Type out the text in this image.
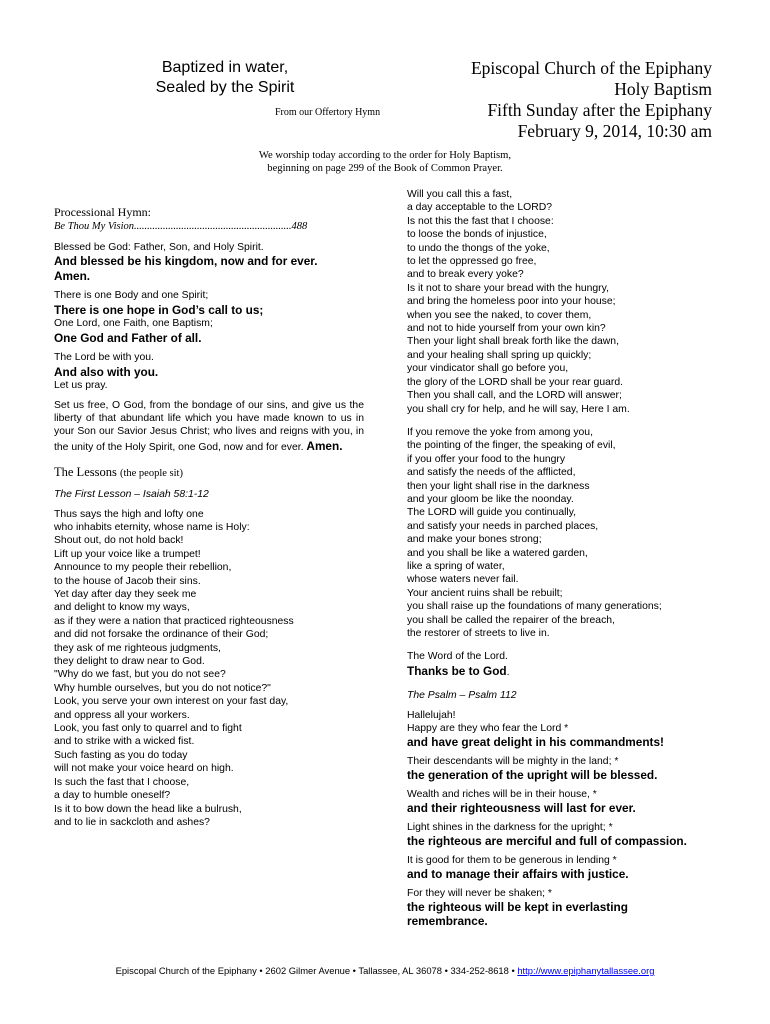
Baptized in water,
Sealed by the Spirit
From our Offertory Hymn
Episcopal Church of the Epiphany
Holy Baptism
Fifth Sunday after the Epiphany
February 9, 2014, 10:30 am
We worship today according to the order for Holy Baptism,
beginning on page 299 of the Book of Common Prayer.
Processional Hymn:
Be Thou My Vision............................................................488
Blessed be God: Father, Son, and Holy Spirit.
And blessed be his kingdom, now and for ever.
Amen.
There is one Body and one Spirit;
There is one hope in God’s call to us;
One Lord, one Faith, one Baptism;
One God and Father of all.
The Lord be with you.
And also with you.
Let us pray.

Set us free, O God, from the bondage of our sins, and give us the liberty of that abundant life which you have made known to us in your Son our Savior Jesus Christ; who lives and reigns with you, in the unity of the Holy Spirit, one God, now and for ever. Amen.

The Lessons (the people sit)
The First Lesson – Isaiah 58:1-12
Thus says the high and lofty one
who inhabits eternity, whose name is Holy:
Shout out, do not hold back!
Lift up your voice like a trumpet!
Announce to my people their rebellion,
to the house of Jacob their sins.
Yet day after day they seek me
and delight to know my ways,
as if they were a nation that practiced righteousness
and did not forsake the ordinance of their God;
they ask of me righteous judgments,
they delight to draw near to God.
"Why do we fast, but you do not see?
Why humble ourselves, but you do not notice?"
Look, you serve your own interest on your fast day,
and oppress all your workers.
Look, you fast only to quarrel and to fight
and to strike with a wicked fist.
Such fasting as you do today
will not make your voice heard on high.
Is such the fast that I choose,
a day to humble oneself?
Is it to bow down the head like a bulrush,
and to lie in sackcloth and ashes?
Will you call this a fast,
a day acceptable to the LORD?
Is not this the fast that I choose:
to loose the bonds of injustice,
to undo the thongs of the yoke,
to let the oppressed go free,
and to break every yoke?
Is it not to share your bread with the hungry,
and bring the homeless poor into your house;
when you see the naked, to cover them,
and not to hide yourself from your own kin?
Then your light shall break forth like the dawn,
and your healing shall spring up quickly;
your vindicator shall go before you,
the glory of the LORD shall be your rear guard.
Then you shall call, and the LORD will answer;
you shall cry for help, and he will say, Here I am.
If you remove the yoke from among you,
the pointing of the finger, the speaking of evil,
if you offer your food to the hungry
and satisfy the needs of the afflicted,
then your light shall rise in the darkness
and your gloom be like the noonday.
The LORD will guide you continually,
and satisfy your needs in parched places,
and make your bones strong;
and you shall be like a watered garden,
like a spring of water,
whose waters never fail.
Your ancient ruins shall be rebuilt;
you shall raise up the foundations of many generations;
you shall be called the repairer of the breach,
the restorer of streets to live in.
The Word of the Lord.
Thanks be to God.
The Psalm – Psalm 112
Hallelujah!
Happy are they who fear the Lord *
and have great delight in his commandments!
Their descendants will be mighty in the land; *
the generation of the upright will be blessed.
Wealth and riches will be in their house, *
and their righteousness will last for ever.
Light shines in the darkness for the upright; *
the righteous are merciful and full of compassion.
It is good for them to be generous in lending *
and to manage their affairs with justice.
For they will never be shaken; *
the righteous will be kept in everlasting
remembrance.
Episcopal Church of the Epiphany • 2602 Gilmer Avenue • Tallassee, AL 36078 • 334-252-8618 • http://www.epiphanytallassee.org
